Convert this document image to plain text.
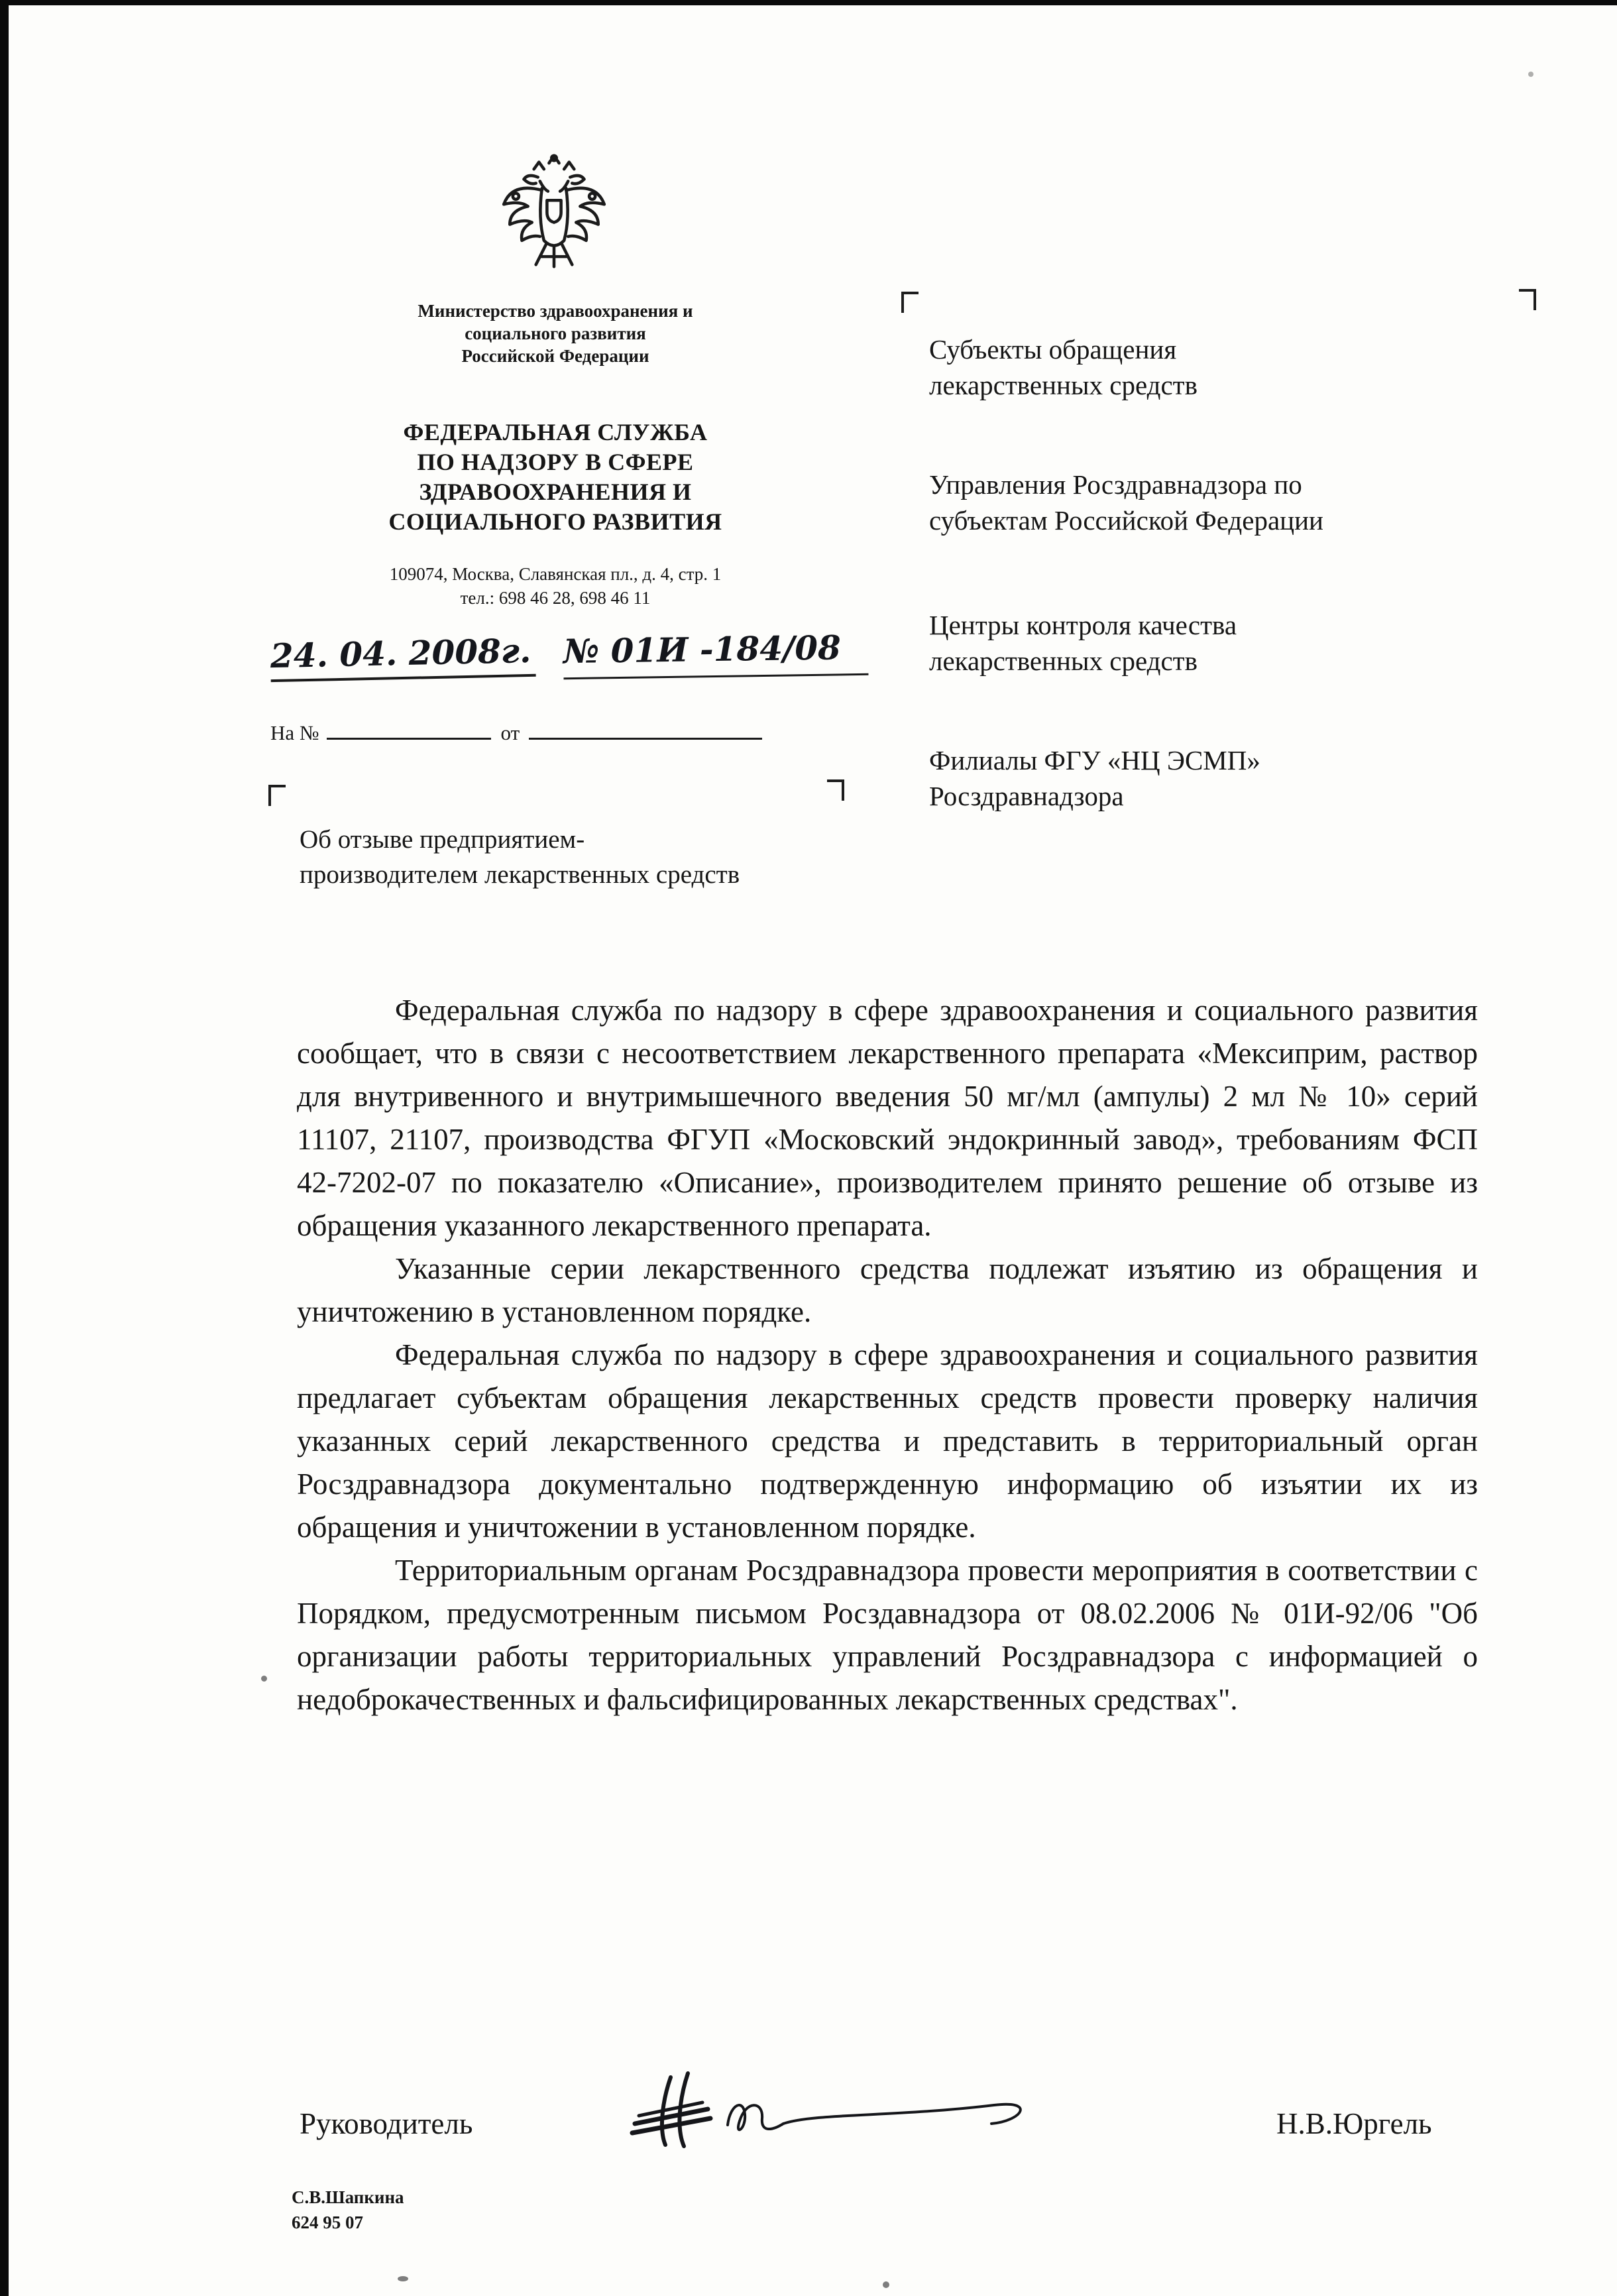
Министерство здравоохранения и
социального развития
Российской Федерации
ФЕДЕРАЛЬНАЯ СЛУЖБА
ПО НАДЗОРУ В СФЕРЕ
ЗДРАВООХРАНЕНИЯ И
СОЦИАЛЬНОГО РАЗВИТИЯ
109074, Москва, Славянская пл., д. 4, стр. 1
тел.: 698 46 28, 698 46 11
24. 04. 2008г. № 01И -184/08
На №	от
Об отзыве предприятием-
производителем лекарственных средств
Субъекты обращения
лекарственных средств
Управления Росздравнадзора по
субъектам Российской Федерации
Центры контроля качества
лекарственных средств
Филиалы ФГУ «НЦ ЭСМП»
Росздравнадзора

Федеральная служба по надзору в сфере здравоохранения и социального развития сообщает, что в связи с несоответствием лекарственного препарата «Мексиприм, раствор для внутривенного и внутримышечного введения 50 мг/мл (ампулы) 2 мл № 10» серий 11107, 21107, производства ФГУП «Московский эндокринный завод», требованиям ФСП 42-7202-07 по показателю «Описание», производителем принято решение об отзыве из обращения указанного лекарственного препарата.

Указанные серии лекарственного средства подлежат изъятию из обращения и уничтожению в установленном порядке.

Федеральная служба по надзору в сфере здравоохранения и социального развития предлагает субъектам обращения лекарственных средств провести проверку наличия указанных серий лекарственного средства и представить в территориальный орган Росздравнадзора документально подтвержденную информацию об изъятии их из обращения и уничтожении в установленном порядке.

Территориальным органам Росздравнадзора провести мероприятия в соответствии с Порядком, предусмотренным письмом Росздавнадзора от 08.02.2006 № 01И-92/06 "Об организации работы территориальных управлений Росздравнадзора с информацией о недоброкачественных и фальсифицированных лекарственных средствах".

Руководитель	Н.В.Юргель
С.В.Шапкина
624 95 07
